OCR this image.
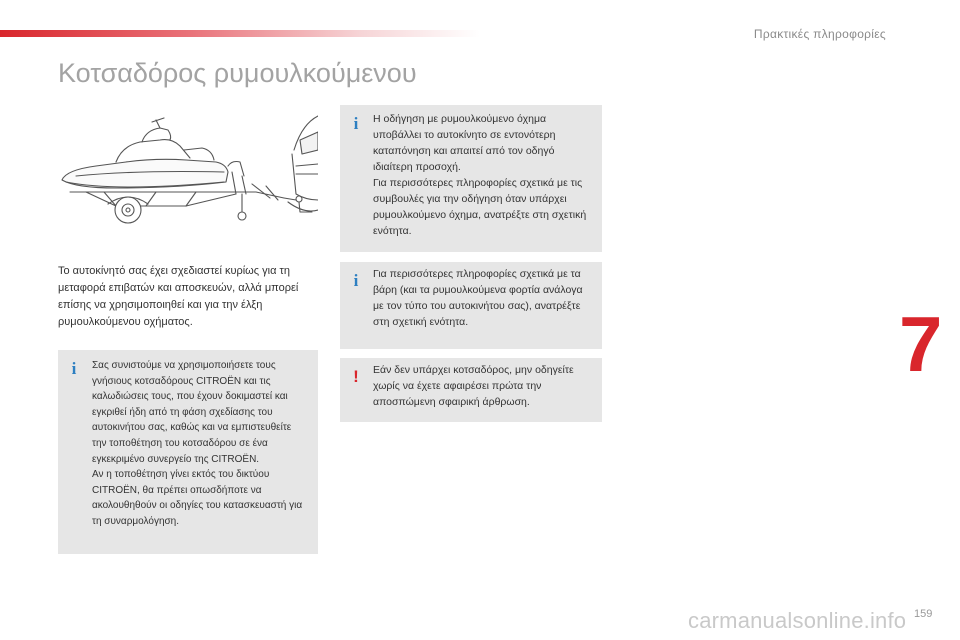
Πρακτικές πληροφορίες
Κοτσαδόρος ρυμουλκούμενου
Το αυτοκίνητό σας έχει σχεδιαστεί κυρίως για τη μεταφορά επιβατών και αποσκευών, αλλά μπορεί επίσης να χρησιμοποιηθεί και για την έλξη ρυμουλκούμενου οχήματος.
i Σας συνιστούμε να χρησιμοποιήσετε τους γνήσιους κοτσαδόρους CITROËN και τις καλωδιώσεις τους, που έχουν δοκιμαστεί και εγκριθεί ήδη από τη φάση σχεδίασης του αυτοκινήτου σας, καθώς και να εμπιστευθείτε την τοποθέτηση του κοτσαδόρου σε ένα εγκεκριμένο συνεργείο της CITROËN.

Αν η τοποθέτηση γίνει εκτός του δικτύου CITROËN, θα πρέπει οπωσδήποτε να ακολουθηθούν οι οδηγίες του κατασκευαστή για τη συναρμολόγηση.

i Η οδήγηση με ρυμουλκούμενο όχημα υποβάλλει το αυτοκίνητο σε εντονότερη καταπόνηση και απαιτεί από τον οδηγό ιδιαίτερη προσοχή.

Για περισσότερες πληροφορίες σχετικά με τις συμβουλές για την οδήγηση όταν υπάρχει ρυμουλκούμενο όχημα, ανατρέξτε στη σχετική ενότητα.

i Για περισσότερες πληροφορίες σχετικά με τα βάρη (και τα ρυμουλκούμενα φορτία ανάλογα με τον τύπο του αυτοκινήτου σας), ανατρέξτε στη σχετική ενότητα.

! Εάν δεν υπάρχει κοτσαδόρος, μην οδηγείτε χωρίς να έχετε αφαιρέσει πρώτα την αποσπώμενη σφαιρική άρθρωση.

7
carmanualsonline.info 159
